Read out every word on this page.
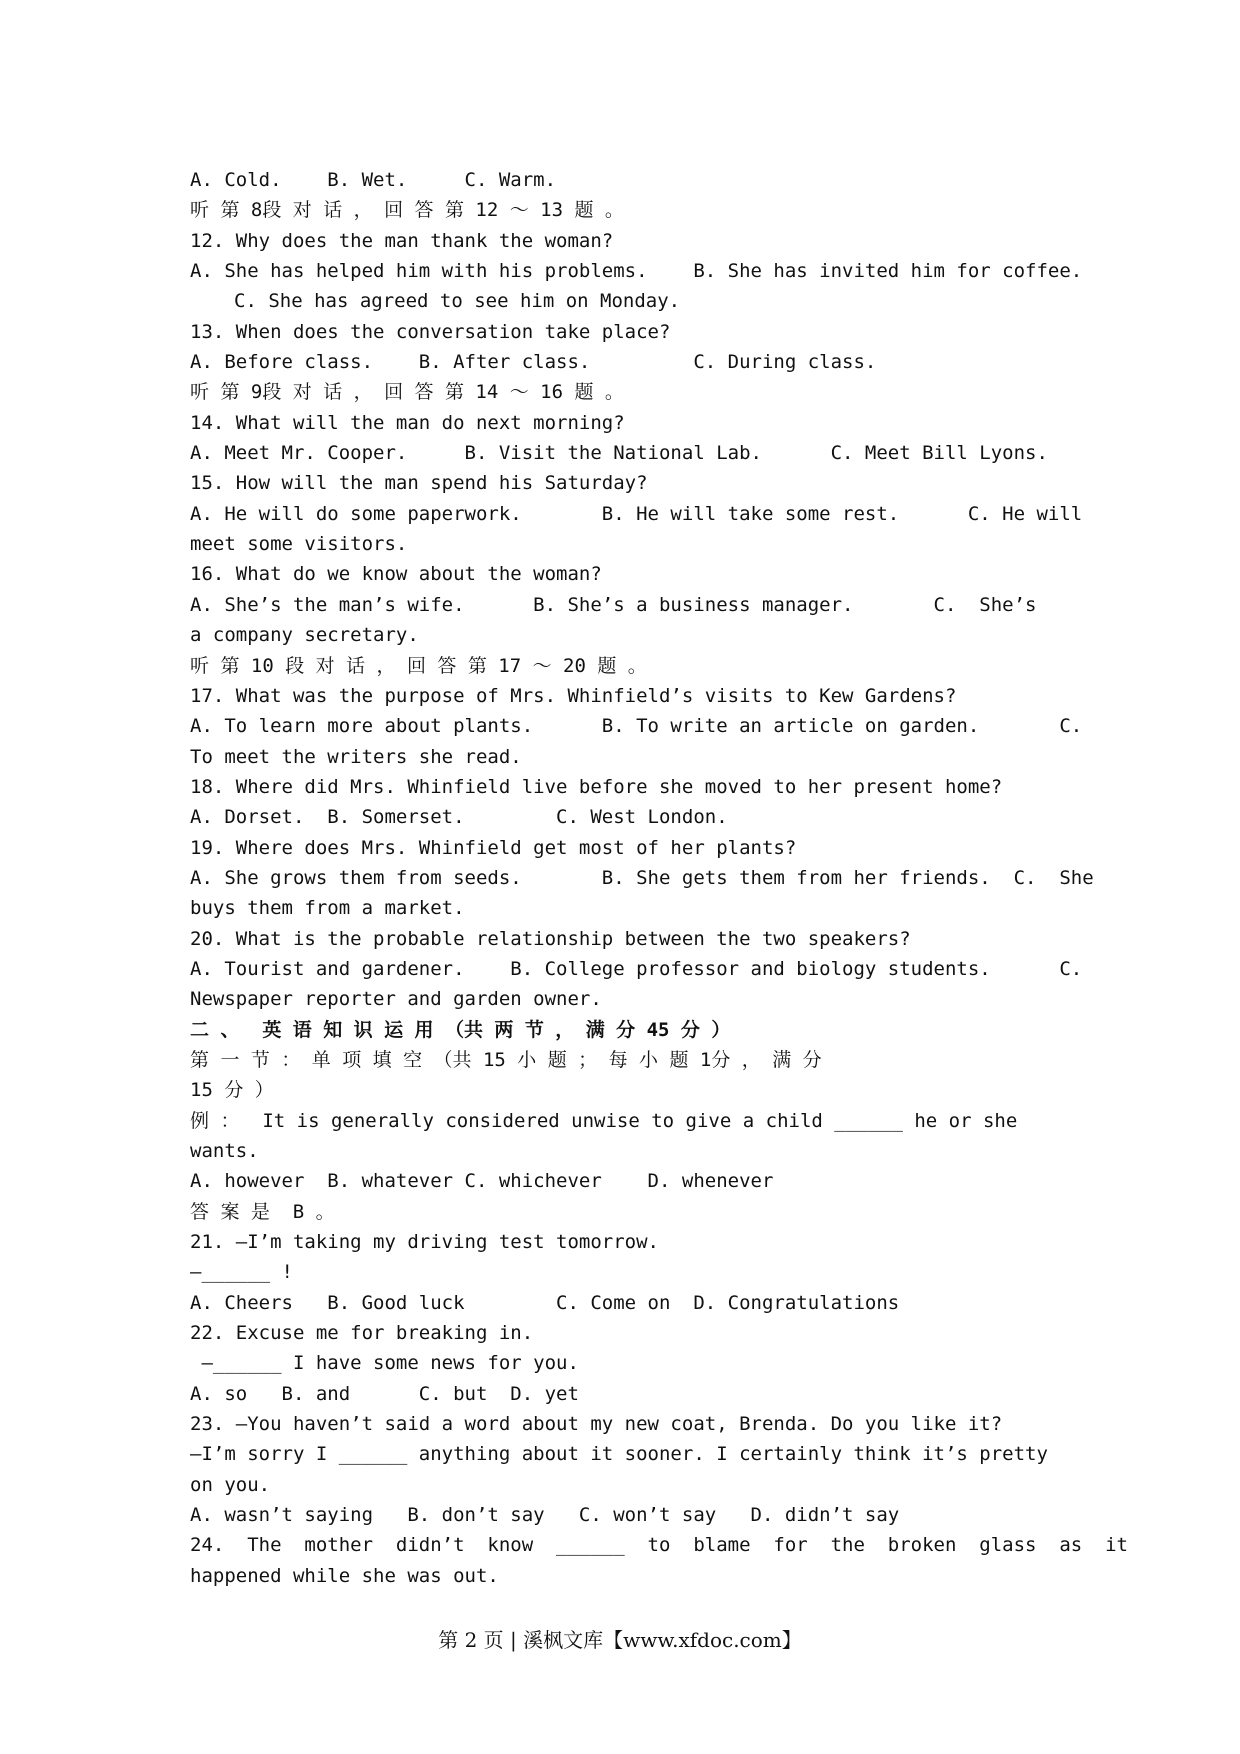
A. Cold.    B. Wet.     C. Warm.
听 第 8段 对 话 ， 回 答 第 12 ～ 13 题 。
12. Why does the man thank the woman?
A. She has helped him with his problems.    B. She has invited him for coffee.
C. She has agreed to see him on Monday.
13. When does the conversation take place?
A. Before class.    B. After class.         C. During class.
听 第 9段 对 话 ， 回 答 第 14 ～ 16 题 。
14. What will the man do next morning?
A. Meet Mr. Cooper.     B. Visit the National Lab.      C. Meet Bill Lyons.
15. How will the man spend his Saturday?
A. He will do some paperwork.       B. He will take some rest.      C. He will
meet some visitors.
16. What do we know about the woman?
A. She’s the man’s wife.      B. She’s a business manager.       C.  She’s
a company secretary.
听 第 10 段 对 话 ， 回 答 第 17 ～ 20 题 。
17. What was the purpose of Mrs. Whinfield’s visits to Kew Gardens?
A. To learn more about plants.      B. To write an article on garden.       C.
To meet the writers she read.
18. Where did Mrs. Whinfield live before she moved to her present home?
A. Dorset.  B. Somerset.        C. West London.
19. Where does Mrs. Whinfield get most of her plants?
A. She grows them from seeds.       B. She gets them from her friends.  C.  She
buys them from a market.
20. What is the probable relationship between the two speakers?
A. Tourist and gardener.    B. College professor and biology students.      C.
Newspaper reporter and garden owner.
二 、  英 语 知 识 运 用 （共 两 节 ， 满 分 45 分 ）
第 一 节 ： 单 项 填 空 （共 15 小 题 ； 每 小 题 1分 ， 满 分
15 分 ）
例 ：  It is generally considered unwise to give a child ______ he or she
wants.
A. however  B. whatever C. whichever    D. whenever
答 案 是  B 。
21. —I’m taking my driving test tomorrow.
—______ !
A. Cheers   B. Good luck        C. Come on  D. Congratulations
22. Excuse me for breaking in.
—______ I have some news for you.
A. so   B. and      C. but  D. yet
23. —You haven’t said a word about my new coat, Brenda. Do you like it?
—I’m sorry I ______ anything about it sooner. I certainly think it’s pretty
on you.
A. wasn’t saying   B. don’t say   C. won’t say   D. didn’t say
24.  The  mother  didn’t  know  ______  to  blame  for  the  broken  glass  as  it
happened while she was out.
第 2 页 | 溪枫文库【www.xfdoc.com】
